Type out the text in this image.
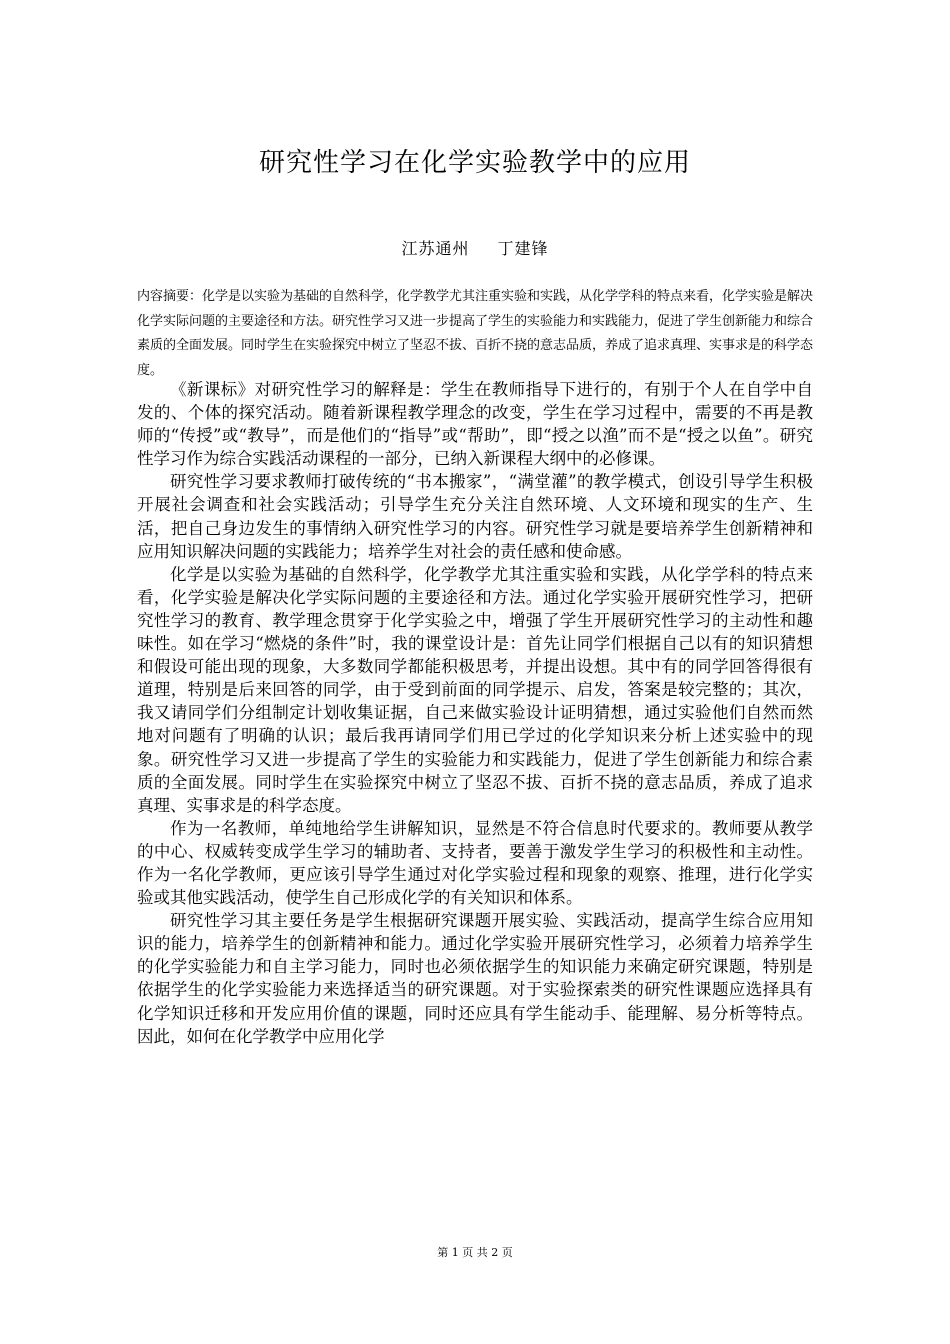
研究性学习在化学实验教学中的应用
江苏通州 丁建锋

内容摘要：化学是以实验为基础的自然科学，化学教学尤其注重实验和实践，从化学学科的特点来看，化学实验是解决化学实际问题的主要途径和方法。研究性学习又进一步提高了学生的实验能力和实践能力，促进了学生创新能力和综合素质的全面发展。同时学生在实验探究中树立了坚忍不拔、百折不挠的意志品质，养成了追求真理、实事求是的科学态度。

《新课标》对研究性学习的解释是：学生在教师指导下进行的，有别于个人在自学中自发的、个体的探究活动。随着新课程教学理念的改变，学生在学习过程中，需要的不再是教师的“传授”或“教导”，而是他们的“指导”或“帮助”，即“授之以渔”而不是“授之以鱼”。研究性学习作为综合实践活动课程的一部分，已纳入新课程大纲中的必修课。

研究性学习要求教师打破传统的“书本搬家”，“满堂灌”的教学模式，创设引导学生积极开展社会调查和社会实践活动；引导学生充分关注自然环境、人文环境和现实的生产、生活，把自己身边发生的事情纳入研究性学习的内容。研究性学习就是要培养学生创新精神和应用知识解决问题的实践能力；培养学生对社会的责任感和使命感。

化学是以实验为基础的自然科学，化学教学尤其注重实验和实践，从化学学科的特点来看，化学实验是解决化学实际问题的主要途径和方法。通过化学实验开展研究性学习，把研究性学习的教育、教学理念贯穿于化学实验之中，增强了学生开展研究性学习的主动性和趣味性。如在学习“燃烧的条件”时，我的课堂设计是：首先让同学们根据自己以有的知识猜想和假设可能出现的现象，大多数同学都能积极思考，并提出设想。其中有的同学回答得很有道理，特别是后来回答的同学，由于受到前面的同学提示、启发，答案是较完整的；其次，我又请同学们分组制定计划收集证据，自己来做实验设计证明猜想，通过实验他们自然而然地对问题有了明确的认识；最后我再请同学们用已学过的化学知识来分析上述实验中的现象。研究性学习又进一步提高了学生的实验能力和实践能力，促进了学生创新能力和综合素质的全面发展。同时学生在实验探究中树立了坚忍不拔、百折不挠的意志品质，养成了追求真理、实事求是的科学态度。

作为一名教师，单纯地给学生讲解知识，显然是不符合信息时代要求的。教师要从教学的中心、权威转变成学生学习的辅助者、支持者，要善于激发学生学习的积极性和主动性。作为一名化学教师，更应该引导学生通过对化学实验过程和现象的观察、推理，进行化学实验或其他实践活动，使学生自己形成化学的有关知识和体系。

研究性学习其主要任务是学生根据研究课题开展实验、实践活动，提高学生综合应用知识的能力，培养学生的创新精神和能力。通过化学实验开展研究性学习，必须着力培养学生的化学实验能力和自主学习能力，同时也必须依据学生的知识能力来确定研究课题，特别是依据学生的化学实验能力来选择适当的研究课题。对于实验探索类的研究性课题应选择具有化学知识迁移和开发应用价值的课题，同时还应具有学生能动手、能理解、易分析等特点。因此，如何在化学教学中应用化学

第 1 页 共 2 页
